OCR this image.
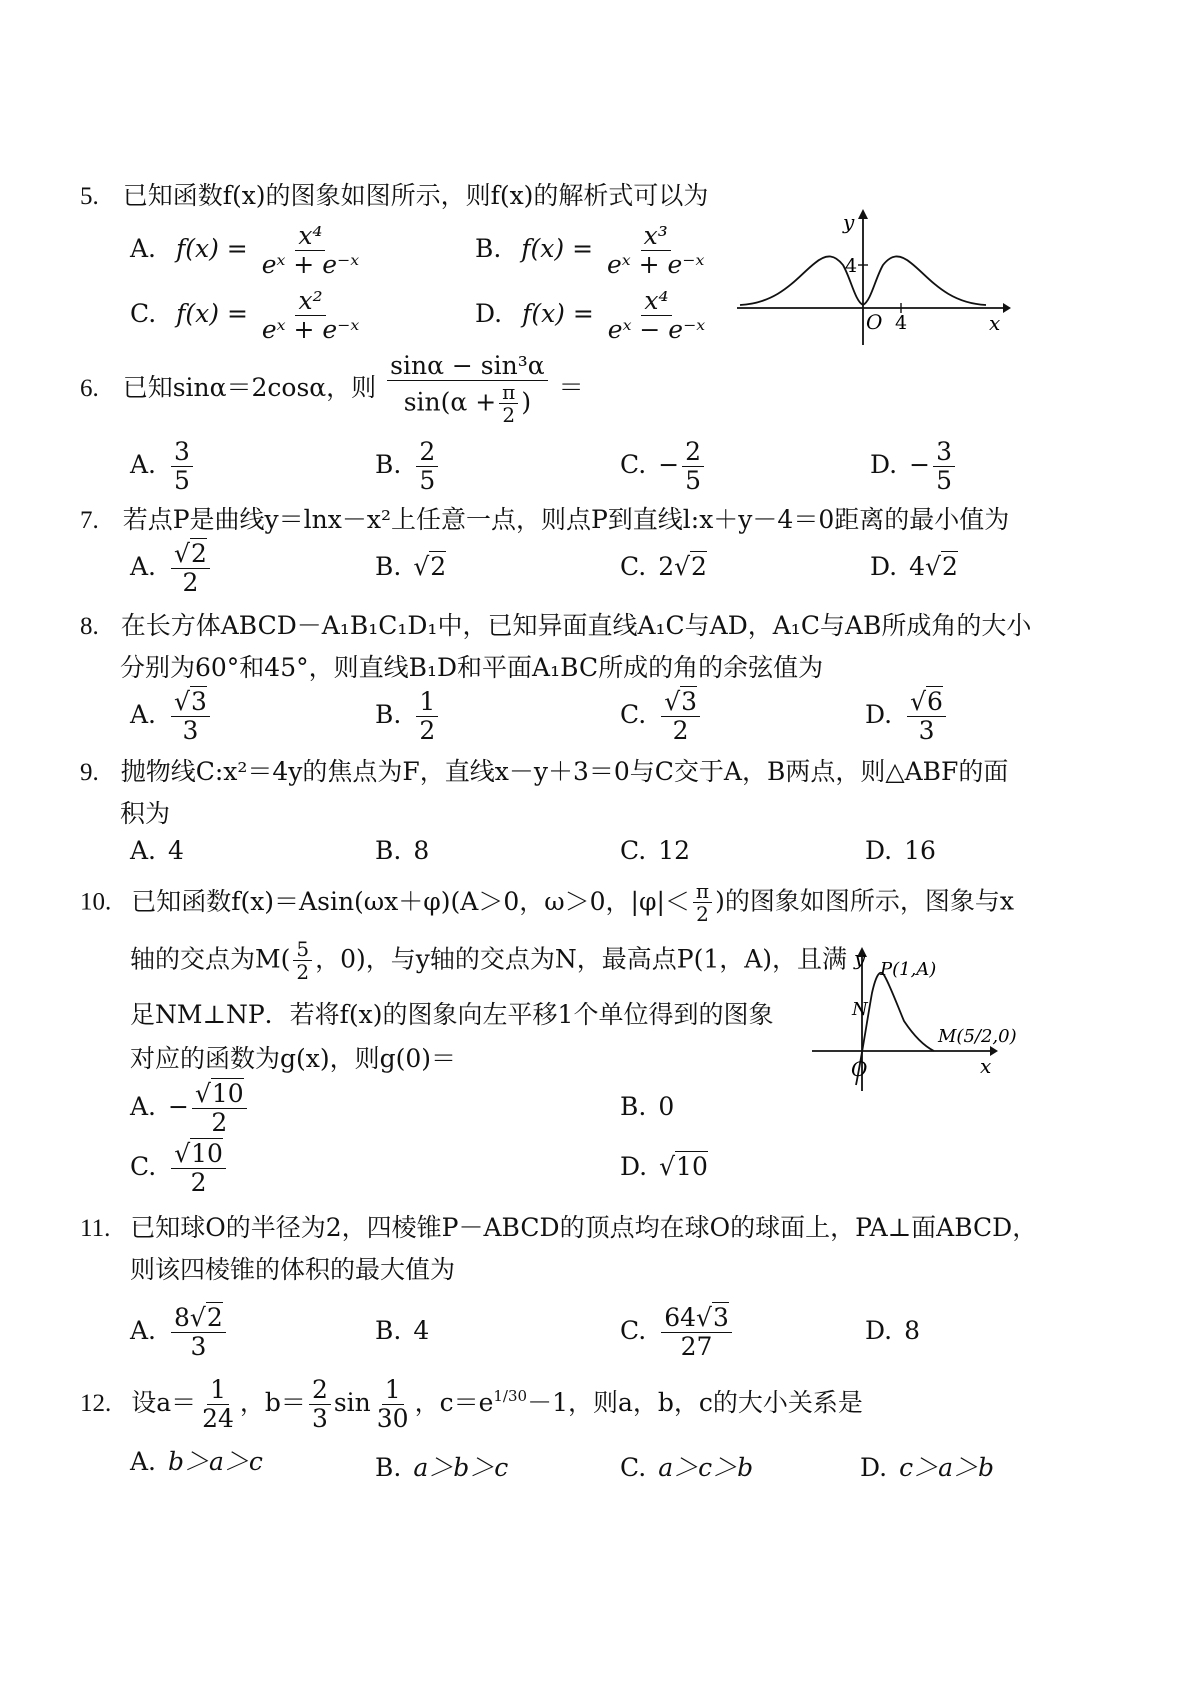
5. 已知函数f(x)的图象如图所示，则f(x)的解析式可以为
A. $f(x) = \frac{\text{x⁴}}{\text{eˣ + e⁻ˣ}}$	B. $f(x) = \frac{\text{x³}}{\text{eˣ + e⁻ˣ}}$
C. $f(x) = \frac{\text{x²}}{\text{eˣ + e⁻ˣ}}$	D. $f(x) = \frac{\text{x⁴}}{\text{eˣ − e⁻ˣ}}$
y
x
O
4
4
6. 已知sinα＝2cosα，则 $\frac{\text{sinα − sin³α}}{\sin(\alpha + \frac{\pi}{2} )}$ ＝
A. $\frac{3}{5}$	B. $\frac{2}{5}$	C. − $\frac{2}{5}$	D. − $\frac{3}{5}$
7. 若点P是曲线y＝lnx－x²上任意一点，则点P到直线l:x＋y－4＝0距离的最小值为
A. $\frac{√2}{2}$	B. √2	C. 2√2	D. 4√2
8. 在长方体ABCD－A₁B₁C₁D₁中，已知异面直线A₁C与AD，A₁C与AB所成角的大小
分别为60°和45°，则直线B₁D和平面A₁BC所成的角的余弦值为
A. $\frac{√3}{3}$	B. $\frac{1}{2}$	C. $\frac{√3}{2}$	D. $\frac{√6}{3}$
9. 抛物线C:x²＝4y的焦点为F，直线x－y＋3＝0与C交于A，B两点，则△ABF的面
积为
A. 4	B. 8	C. 12	D. 16
10. 已知函数f(x)＝Asin(ωx＋φ)(A＞0，ω＞0，$|\varphi|< \frac{\pi}{2}$ )的图象如图所示，图象与x
轴的交点为$M( \frac{5}{2}$ ，0)，与y轴的交点为N，最高点P(1，A)，且满
足NM⊥NP．若将f(x)的图象向左平移1个单位得到的图象
对应的函数为g(x)，则g(0)＝
y
x
O
P(1,A)
N
M(5/2,0)
A. − $\frac{√10}{2}$	B. 0
C. $\frac{√10}{2}$	D. √10
11. 已知球O的半径为2，四棱锥P－ABCD的顶点均在球O的球面上，PA⊥面ABCD，
则该四棱锥的体积的最大值为
A. $\frac{8√2}{3}$	B. 4	C. $\frac{64√3}{27}$	D. 8
12. 设$a= \frac{1}{24}$ ，$b= \frac{2}{3}$ $\sin \frac{1}{30}$ ，$c=e^{1/30}-1$，则a，b，c的大小关系是
A. b＞a＞c	B. a＞b＞c	C. a＞c＞b	D. c＞a＞b
